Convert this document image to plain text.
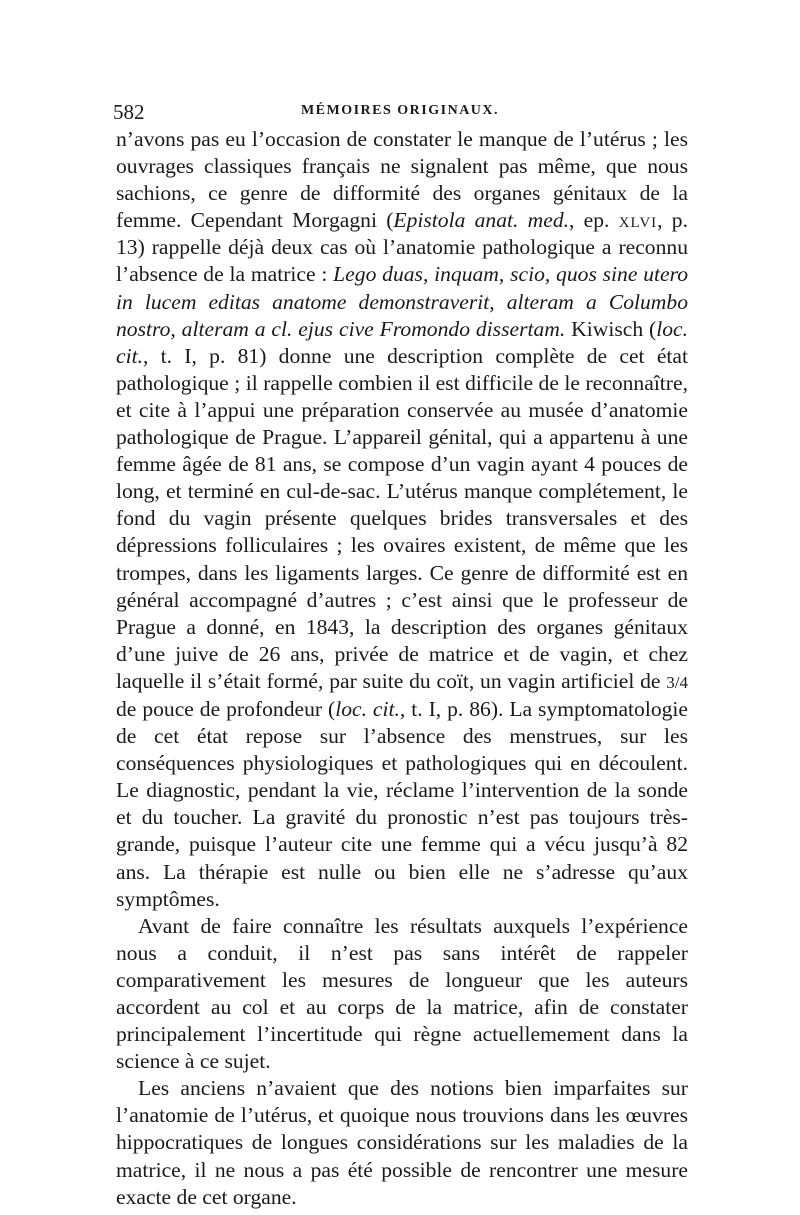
582	MÉMOIRES ORIGINAUX.

n’avons pas eu l’occasion de constater le manque de l’utérus ; les ouvrages classiques français ne signalent pas même, que nous sachions, ce genre de difformité des organes génitaux de la femme. Cependant Morgagni (Epistola anat. med., ep. xlvi, p. 13) rappelle déjà deux cas où l’anatomie pathologique a reconnu l’absence de la matrice : Lego duas, inquam, scio, quos sine utero in lucem editas anatome demonstraverit, alteram a Columbo nostro, alteram a cl. ejus cive Fromondo dissertam. Kiwisch (loc. cit., t. I, p. 81) donne une description complète de cet état pathologique ; il rappelle combien il est difficile de le reconnaître, et cite à l’appui une préparation conservée au musée d’anatomie pathologique de Prague. L’appareil génital, qui a appartenu à une femme âgée de 81 ans, se compose d’un vagin ayant 4 pouces de long, et terminé en cul-de-sac. L’utérus manque complétement, le fond du vagin présente quelques brides transversales et des dépressions folliculaires ; les ovaires existent, de même que les trompes, dans les ligaments larges. Ce genre de difformité est en général accompagné d’autres ; c’est ainsi que le professeur de Prague a donné, en 1843, la description des organes génitaux d’une juive de 26 ans, privée de matrice et de vagin, et chez laquelle il s’était formé, par suite du coït, un vagin artificiel de 3/4 de pouce de profondeur (loc. cit., t. I, p. 86). La symptomatologie de cet état repose sur l’absence des menstrues, sur les conséquences physiologiques et pathologiques qui en découlent. Le diagnostic, pendant la vie, réclame l’intervention de la sonde et du toucher. La gravité du pronostic n’est pas toujours très-grande, puisque l’auteur cite une femme qui a vécu jusqu’à 82 ans. La thérapie est nulle ou bien elle ne s’adresse qu’aux symptômes.

Avant de faire connaître les résultats auxquels l’expérience nous a conduit, il n’est pas sans intérêt de rappeler comparativement les mesures de longueur que les auteurs accordent au col et au corps de la matrice, afin de constater principalement l’incertitude qui règne actuellemement dans la science à ce sujet.

Les anciens n’avaient que des notions bien imparfaites sur l’anatomie de l’utérus, et quoique nous trouvions dans les œuvres hippocratiques de longues considérations sur les maladies de la matrice, il ne nous a pas été possible de rencontrer une mesure exacte de cet organe.
